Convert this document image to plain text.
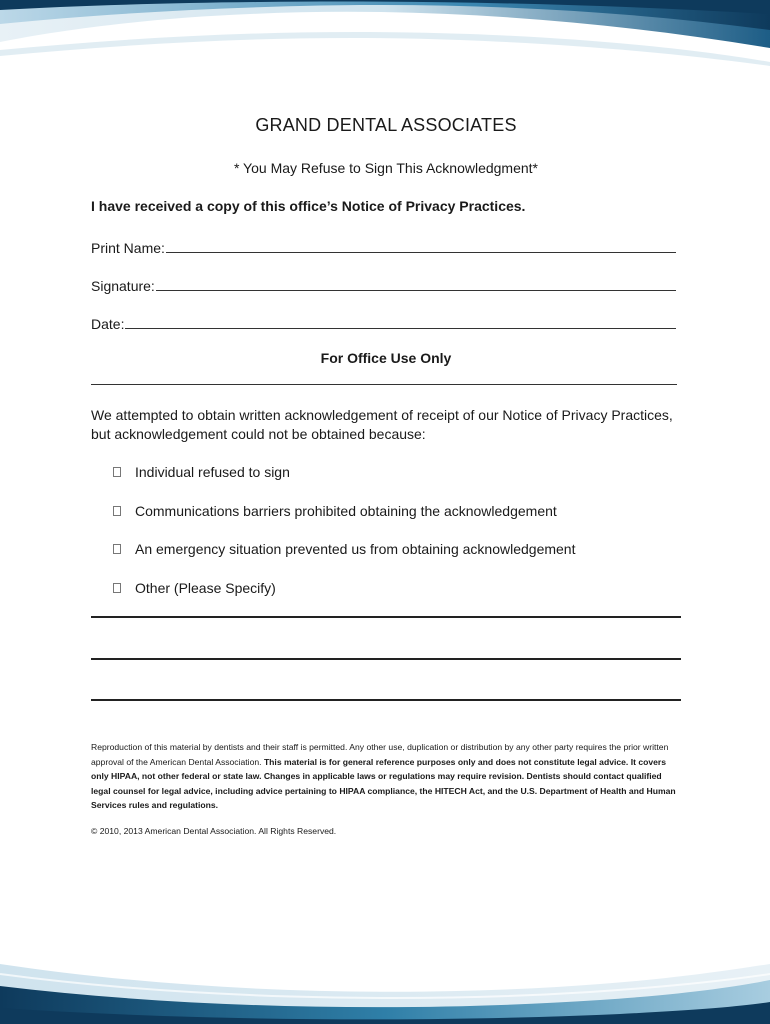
GRAND DENTAL ASSOCIATES
* You May Refuse to Sign This Acknowledgment*
I have received a copy of this office’s Notice of Privacy Practices.
Print Name:
Signature:
Date:
For Office Use Only
We attempted to obtain written acknowledgement of receipt of our Notice of Privacy Practices, but acknowledgement could not be obtained because:
Individual refused to sign
Communications barriers prohibited obtaining the acknowledgement
An emergency situation prevented us from obtaining acknowledgement
Other (Please Specify)
Reproduction of this material by dentists and their staff is permitted. Any other use, duplication or distribution by any other party requires the prior written approval of the American Dental Association. This material is for general reference purposes only and does not constitute legal advice. It covers only HIPAA, not other federal or state law. Changes in applicable laws or regulations may require revision. Dentists should contact qualified legal counsel for legal advice, including advice pertaining to HIPAA compliance, the HITECH Act, and the U.S. Department of Health and Human Services rules and regulations.
© 2010, 2013 American Dental Association. All Rights Reserved.
